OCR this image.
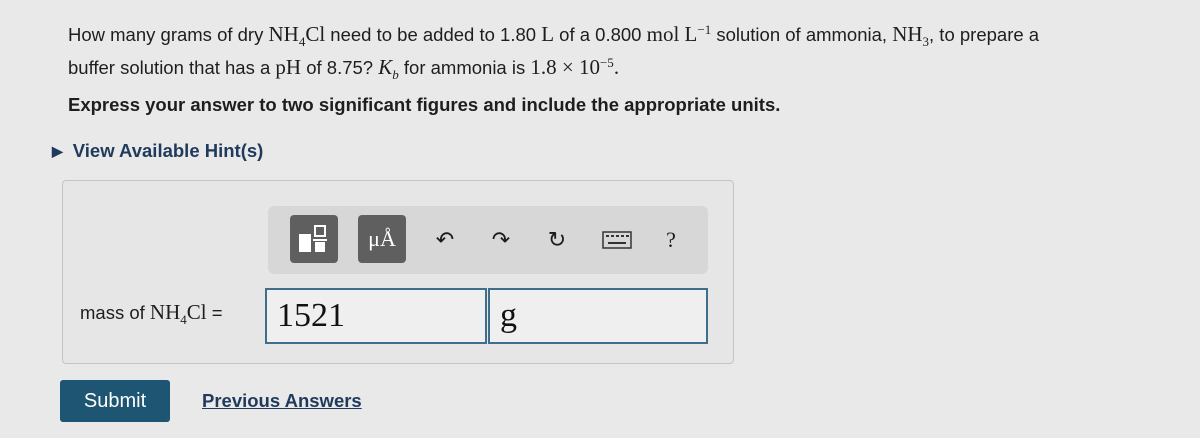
How many grams of dry $NH_4Cl$ need to be added to 1.80 L of a 0.800 mol $L^{-1}$ solution of ammonia, $NH_3$, to prepare a
buffer solution that has a pH of 8.75? $K_b$ for ammonia is $1.8 \times 10^{-5}$.
Express your answer to two significant figures and include the appropriate units.
▶ View Available Hint(s)
μÅ ↶ ↷ ↻	?
mass of $NH_4Cl$ =	1521	g
Submit	Previous Answers
